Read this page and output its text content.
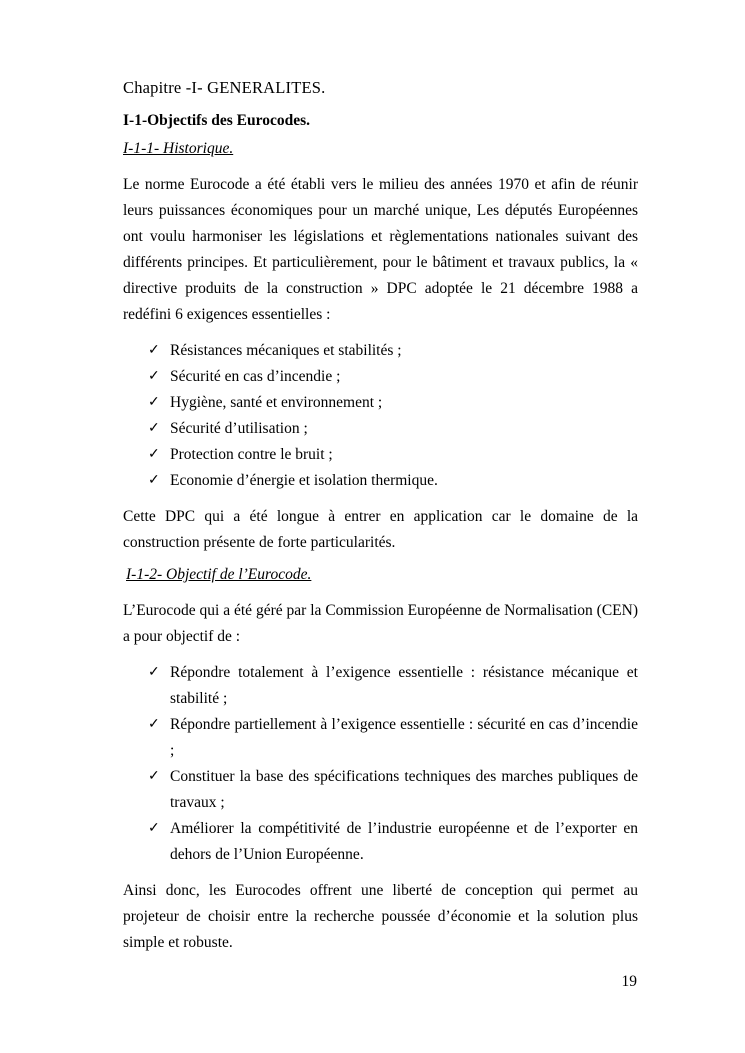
Chapitre -I- GENERALITES.
I-1-Objectifs des Eurocodes.
I-1-1- Historique.

Le norme Eurocode a été établi vers le milieu des années 1970 et afin de réunir leurs puissances économiques pour un marché unique, Les députés Européennes ont voulu harmoniser les législations et règlementations nationales suivant des différents principes. Et particulièrement, pour le bâtiment et travaux publics, la « directive produits de la construction » DPC adoptée le 21 décembre 1988 a redéfini 6 exigences essentielles :

✓ Résistances mécaniques et stabilités ;
✓ Sécurité en cas d’incendie ;
✓ Hygiène, santé et environnement ;
✓ Sécurité d’utilisation ;
✓ Protection contre le bruit ;
✓ Economie d’énergie et isolation thermique.

Cette DPC qui a été longue à entrer en application car le domaine de la construction présente de forte particularités.

I-1-2- Objectif de l’Eurocode.

L’Eurocode qui a été géré par la Commission Européenne de Normalisation (CEN) a pour objectif de :

✓ Répondre totalement à l’exigence essentielle : résistance mécanique et stabilité ;
✓ Répondre partiellement à l’exigence essentielle : sécurité en cas d’incendie ;
✓ Constituer la base des spécifications techniques des marches publiques de travaux ;
✓ Améliorer la compétitivité de l’industrie européenne et de l’exporter en dehors de l’Union Européenne.

Ainsi donc, les Eurocodes offrent une liberté de conception qui permet au projeteur de choisir entre la recherche poussée d’économie et la solution plus simple et robuste.

19
